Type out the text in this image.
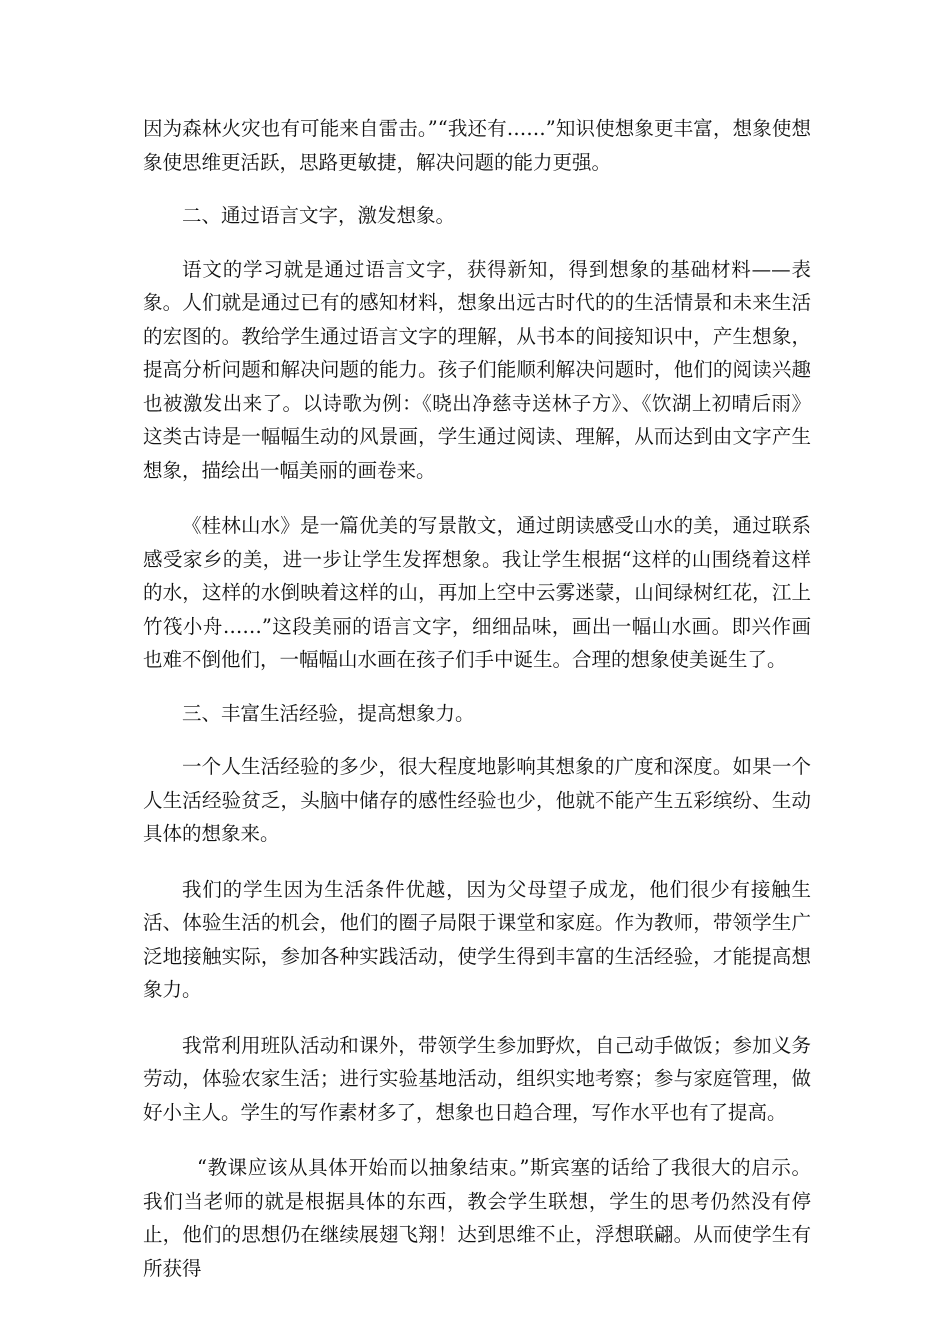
因为森林火灾也有可能来自雷击。”“我还有……”知识使想象更丰富，想象使想象使思维更活跃，思路更敏捷，解决问题的能力更强。

二、通过语言文字，激发想象。

语文的学习就是通过语言文字，获得新知，得到想象的基础材料——表象。人们就是通过已有的感知材料，想象出远古时代的的生活情景和未来生活的宏图的。教给学生通过语言文字的理解，从书本的间接知识中，产生想象，提高分析问题和解决问题的能力。孩子们能顺利解决问题时，他们的阅读兴趣也被激发出来了。以诗歌为例：《晓出净慈寺送林子方》、《饮湖上初晴后雨》这类古诗是一幅幅生动的风景画，学生通过阅读、理解，从而达到由文字产生想象，描绘出一幅美丽的画卷来。

《桂林山水》是一篇优美的写景散文，通过朗读感受山水的美，通过联系感受家乡的美，进一步让学生发挥想象。我让学生根据“这样的山围绕着这样的水，这样的水倒映着这样的山，再加上空中云雾迷蒙，山间绿树红花，江上竹筏小舟……”这段美丽的语言文字，细细品味，画出一幅山水画。即兴作画也难不倒他们，一幅幅山水画在孩子们手中诞生。合理的想象使美诞生了。

三、丰富生活经验，提高想象力。

一个人生活经验的多少，很大程度地影响其想象的广度和深度。如果一个人生活经验贫乏，头脑中储存的感性经验也少，他就不能产生五彩缤纷、生动具体的想象来。

我们的学生因为生活条件优越，因为父母望子成龙，他们很少有接触生活、体验生活的机会，他们的圈子局限于课堂和家庭。作为教师，带领学生广泛地接触实际，参加各种实践活动，使学生得到丰富的生活经验，才能提高想象力。

我常利用班队活动和课外，带领学生参加野炊，自己动手做饭；参加义务劳动，体验农家生活；进行实验基地活动，组织实地考察；参与家庭管理，做好小主人。学生的写作素材多了，想象也日趋合理，写作水平也有了提高。

“教课应该从具体开始而以抽象结束。”斯宾塞的话给了我很大的启示。我们当老师的就是根据具体的东西，教会学生联想，学生的思考仍然没有停止，他们的思想仍在继续展翅飞翔！达到思维不止，浮想联翩。从而使学生有所获得
